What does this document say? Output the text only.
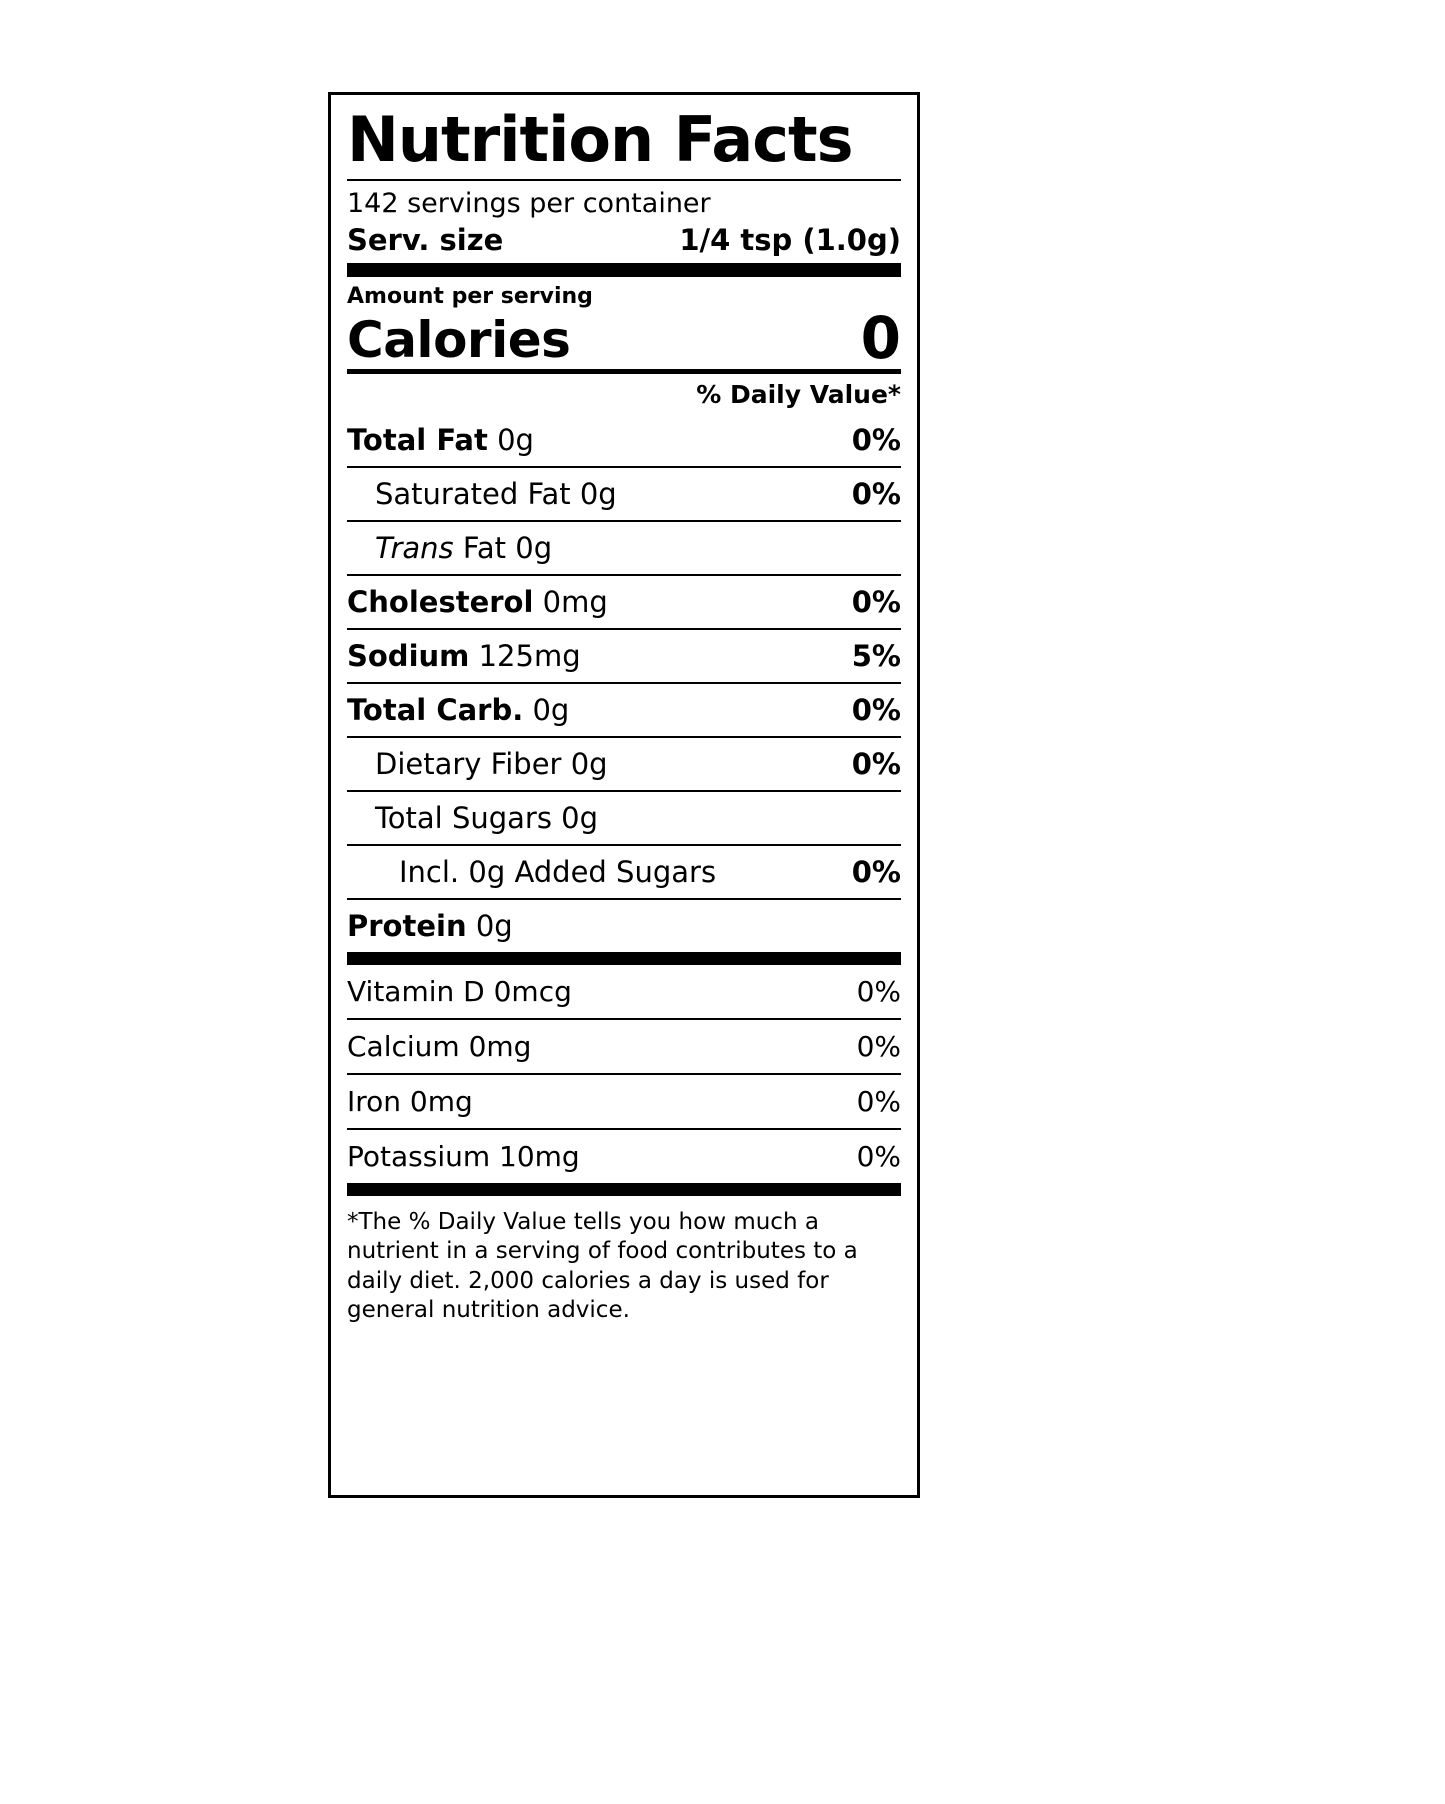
Nutrition Facts
142 servings per container
Serv. size	1/4 tsp (1.0g)
Amount per serving
Calories	0
% Daily Value*
Total Fat 0g	0%
Saturated Fat 0g	0%
Trans Fat 0g
Cholesterol 0mg	0%
Sodium 125mg	5%
Total Carb. 0g	0%
Dietary Fiber 0g	0%
Total Sugars 0g
Incl. 0g Added Sugars	0%
Protein 0g
Vitamin D 0mcg	0%
Calcium 0mg	0%
Iron 0mg	0%
Potassium 10mg	0%
*The % Daily Value tells you how much a nutrient in a serving of food contributes to a daily diet. 2,000 calories a day is used for general nutrition advice.
